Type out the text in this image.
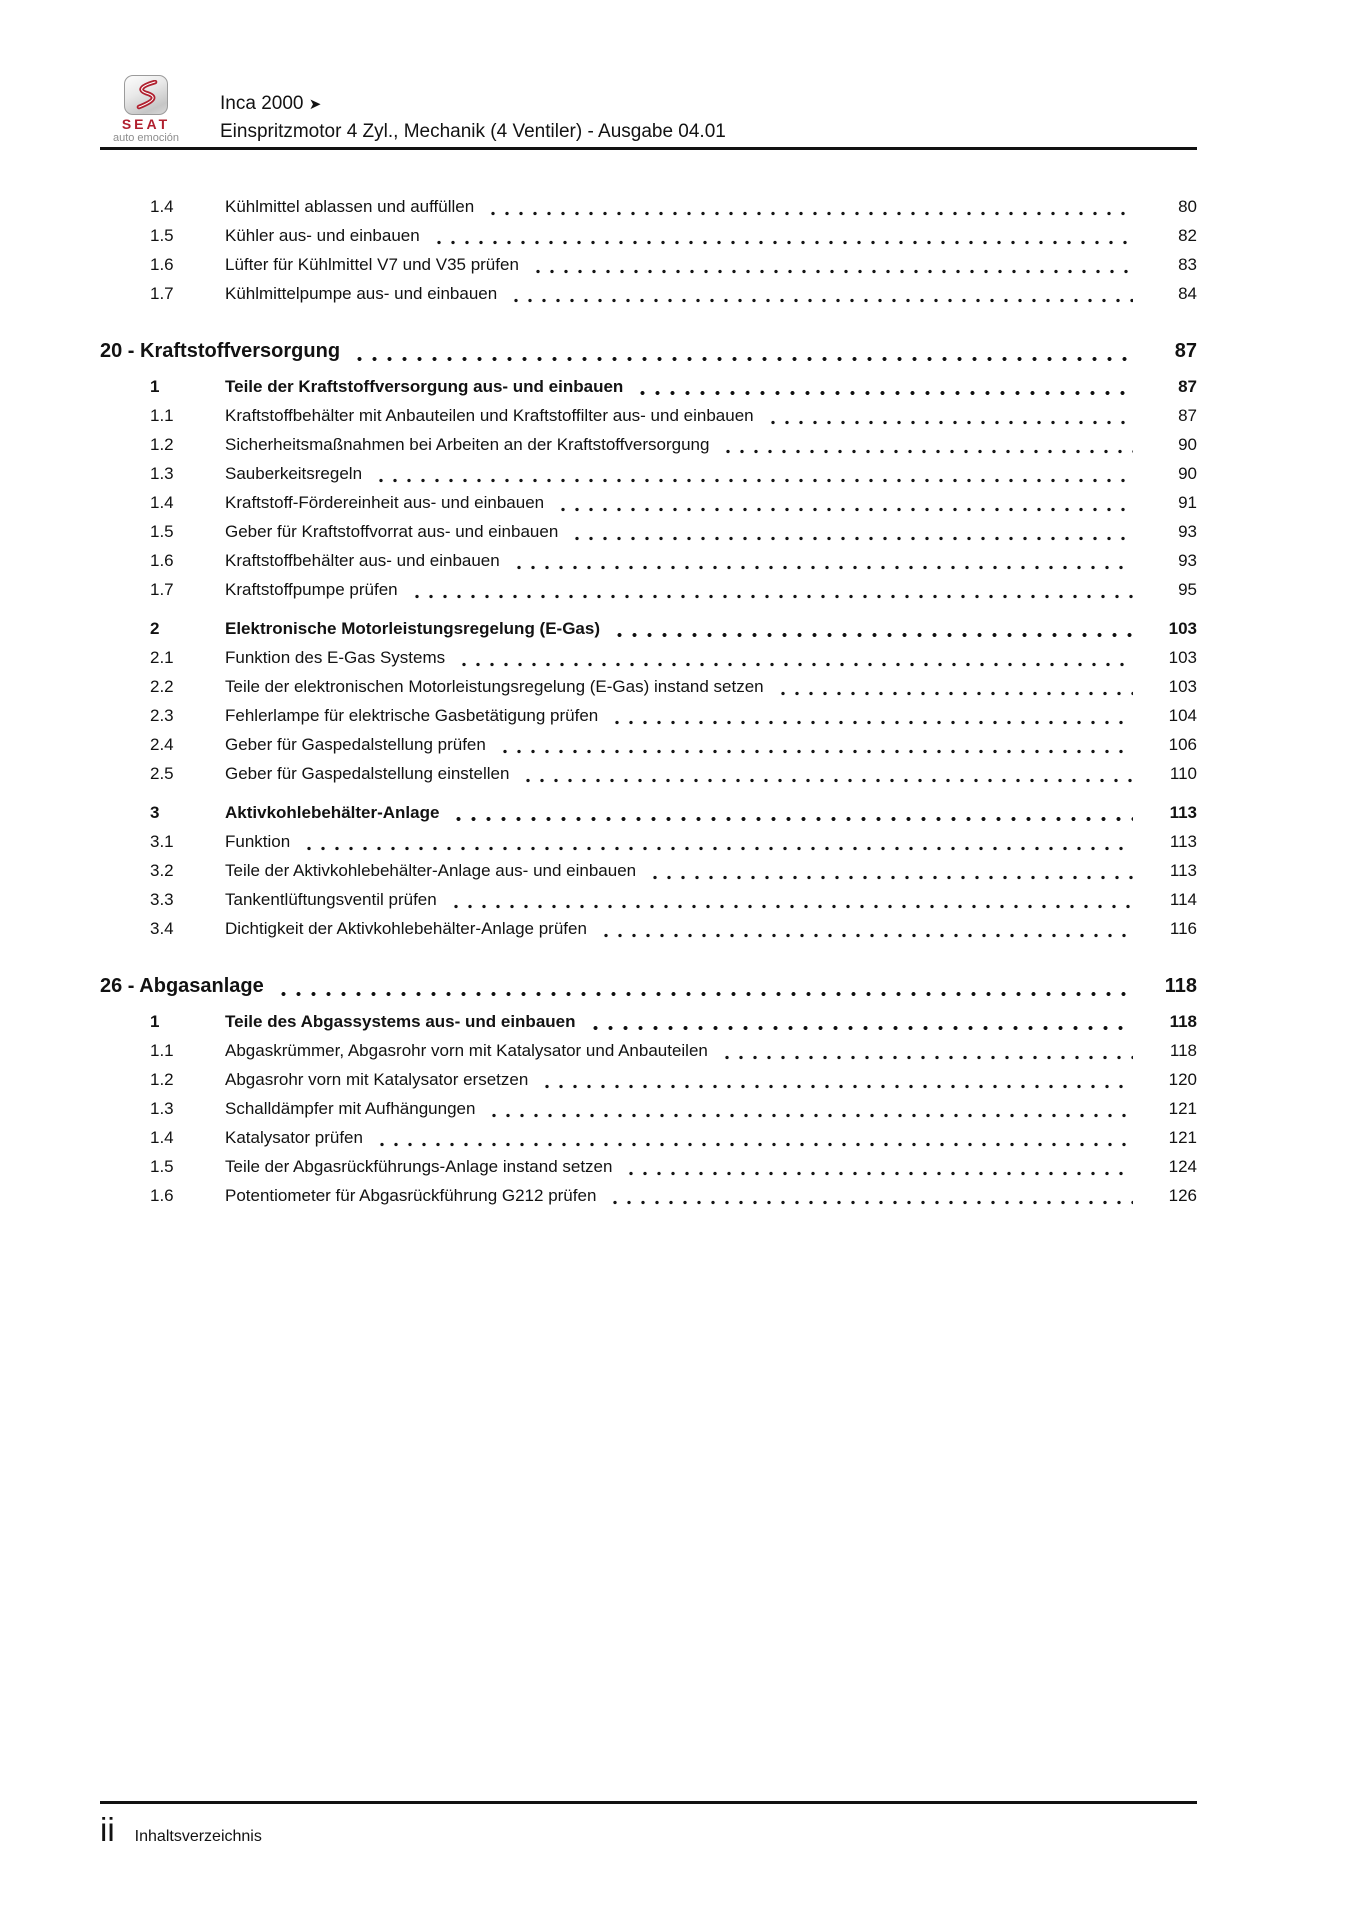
SEAT
auto emoción
Inca 2000 ➤
Einspritzmotor 4 Zyl., Mechanik (4 Ventiler) - Ausgabe 04.01
1.4	Kühlmittel ablassen und auffüllen	80
1.5	Kühler aus- und einbauen	82
1.6	Lüfter für Kühlmittel V7 und V35 prüfen	83
1.7	Kühlmittelpumpe aus- und einbauen	84
20 - Kraftstoffversorgung	87
1	Teile der Kraftstoffversorgung aus- und einbauen	87
1.1	Kraftstoffbehälter mit Anbauteilen und Kraftstoffilter aus- und einbauen	87
1.2	Sicherheitsmaßnahmen bei Arbeiten an der Kraftstoffversorgung	90
1.3	Sauberkeitsregeln	90
1.4	Kraftstoff-Fördereinheit aus- und einbauen	91
1.5	Geber für Kraftstoffvorrat aus- und einbauen	93
1.6	Kraftstoffbehälter aus- und einbauen	93
1.7	Kraftstoffpumpe prüfen	95
2	Elektronische Motorleistungsregelung (E-Gas)	103
2.1	Funktion des E-Gas Systems	103
2.2	Teile der elektronischen Motorleistungsregelung (E-Gas) instand setzen	103
2.3	Fehlerlampe für elektrische Gasbetätigung prüfen	104
2.4	Geber für Gaspedalstellung prüfen	106
2.5	Geber für Gaspedalstellung einstellen	110
3	Aktivkohlebehälter-Anlage	113
3.1	Funktion	113
3.2	Teile der Aktivkohlebehälter-Anlage aus- und einbauen	113
3.3	Tankentlüftungsventil prüfen	114
3.4	Dichtigkeit der Aktivkohlebehälter-Anlage prüfen	116
26 - Abgasanlage	118
1	Teile des Abgassystems aus- und einbauen	118
1.1	Abgaskrümmer, Abgasrohr vorn mit Katalysator und Anbauteilen	118
1.2	Abgasrohr vorn mit Katalysator ersetzen	120
1.3	Schalldämpfer mit Aufhängungen	121
1.4	Katalysator prüfen	121
1.5	Teile der Abgasrückführungs-Anlage instand setzen	124
1.6	Potentiometer für Abgasrückführung G212 prüfen	126
ii Inhaltsverzeichnis
